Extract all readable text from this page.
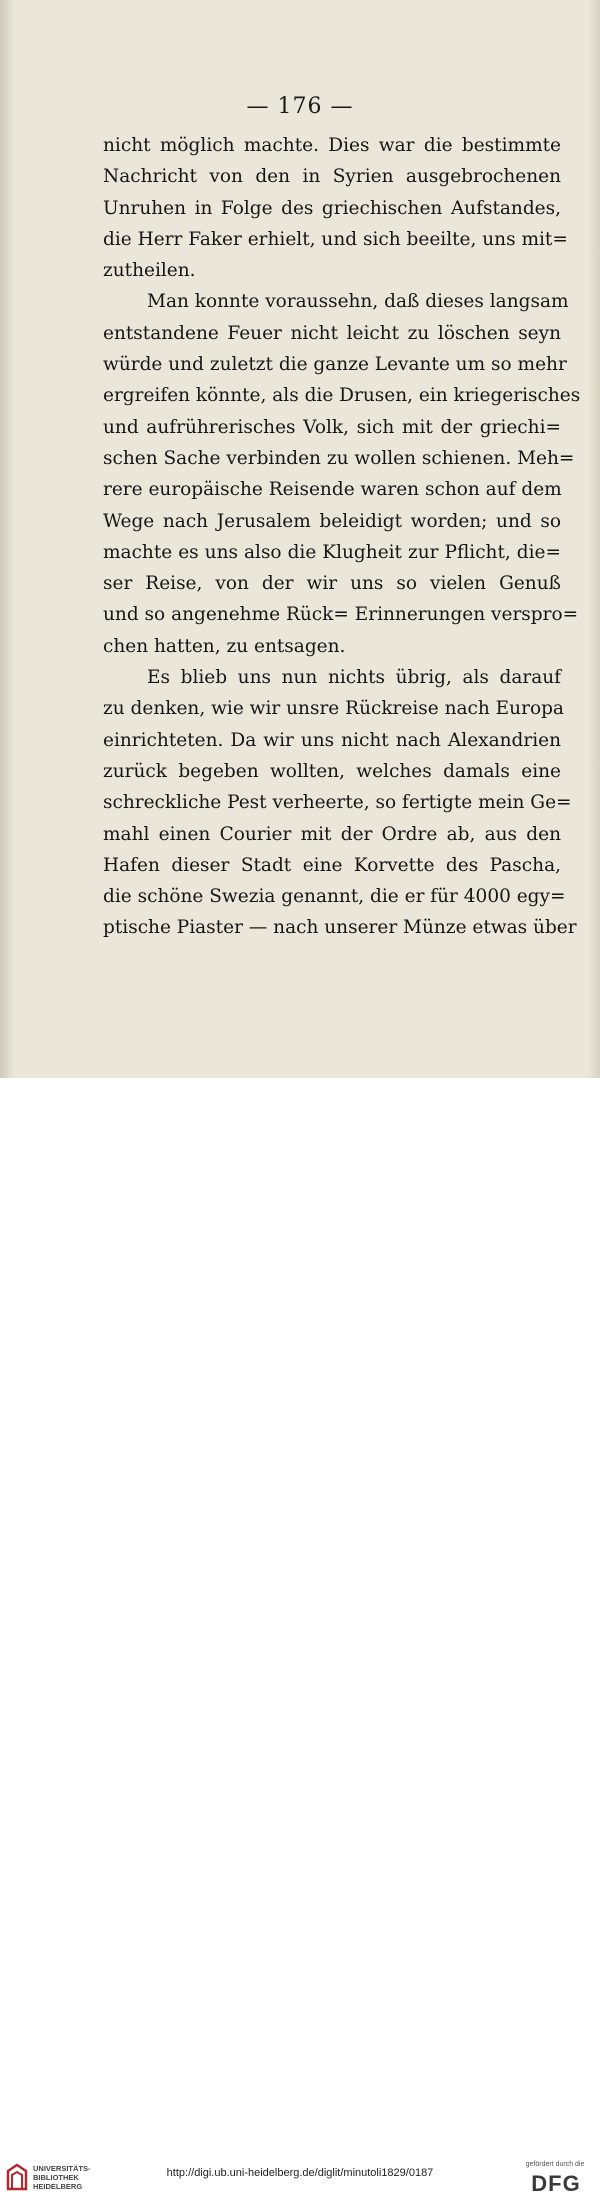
— 176 —
nicht möglich machte. Dies war die bestimmte
Nachricht von den in Syrien ausgebrochenen
Unruhen in Folge des griechischen Aufstandes,
die Herr Faker erhielt, und sich beeilte, uns mit=
zutheilen.
Man konnte voraussehn, daß dieses langsam
entstandene Feuer nicht leicht zu löschen seyn
würde und zuletzt die ganze Levante um so mehr
ergreifen könnte, als die Drusen, ein kriegerisches
und aufrührerisches Volk, sich mit der griechi=
schen Sache verbinden zu wollen schienen. Meh=
rere europäische Reisende waren schon auf dem
Wege nach Jerusalem beleidigt worden; und so
machte es uns also die Klugheit zur Pflicht, die=
ser Reise, von der wir uns so vielen Genuß
und so angenehme Rück= Erinnerungen versprо=
chen hatten, zu entsagen.
Es blieb uns nun nichts übrig, als darauf
zu denken, wie wir unsre Rückreise nach Europa
einrichteten. Da wir uns nicht nach Alexandrien
zurück begeben wollten, welches damals eine
schreckliche Pest verheerte, so fertigte mein Ge=
mahl einen Courier mit der Ordre ab, aus den
Hafen dieser Stadt eine Korvette des Pascha,
die schöne Swezia genannt, die er für 4000 egy=
ptische Piaster — nach unserer Münze etwas über
UNIVERSITÄTS-
BIBLIOTHEK
HEIDELBERG
http://digi.ub.uni-heidelberg.de/diglit/minutoli1829/0187
gefördert durch die
DFG
